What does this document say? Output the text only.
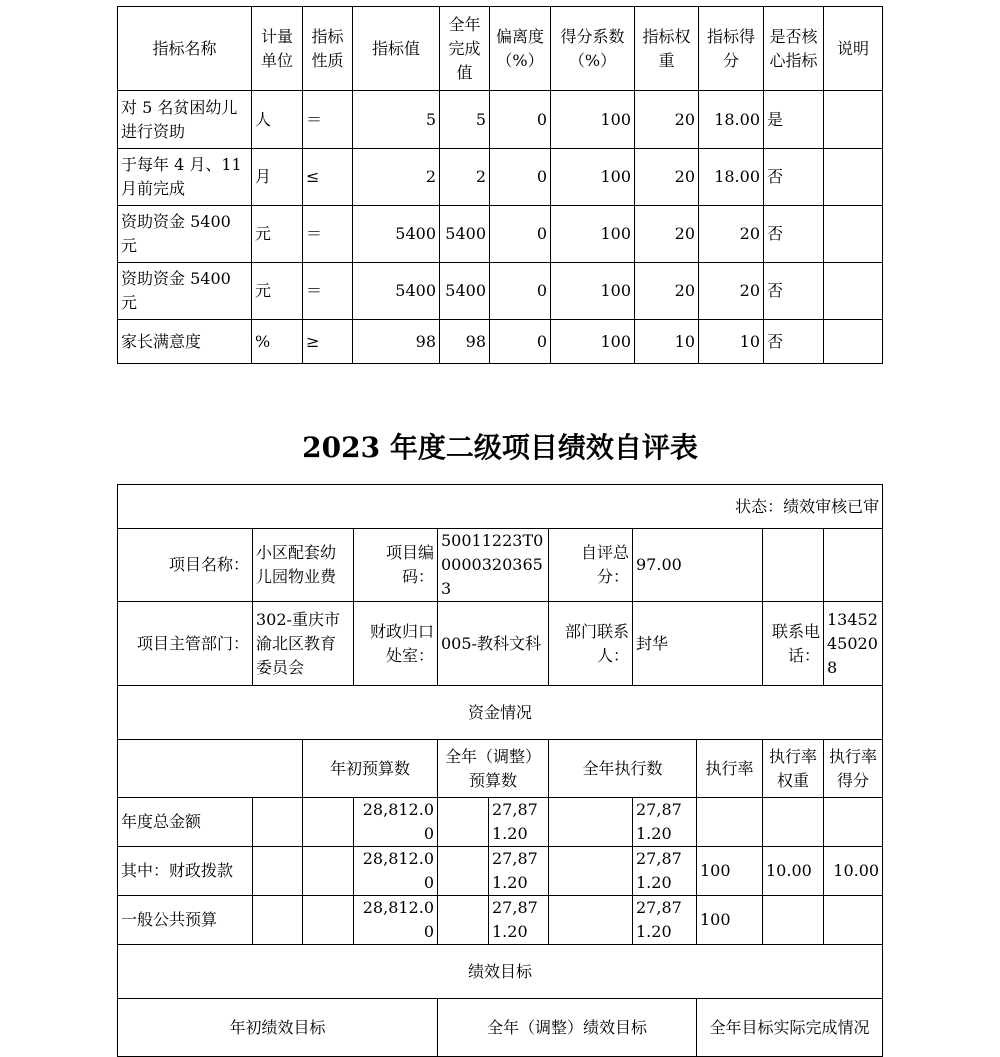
指标名称	计量单位	指标性质	指标值	全年完成值	偏离度（%）	得分系数（%）	指标权重	指标得分	是否核心指标	说明
对 5 名贫困幼儿进行资助	人	＝	5	5	0	100	20	18.00	是	
于每年 4 月、11 月前完成	月	≤	2	2	0	100	20	18.00	否	
资助资金 5400 元	元	＝	5400	5400	0	100	20	20	否	
资助资金 5400 元	元	＝	5400	5400	0	100	20	20	否	
家长满意度	%	≥	98	98	0	100	10	10	否	
2023 年度二级项目绩效自评表
状态：绩效审核已审										
项目名称：	小区配套幼儿园物业费		项目编码：	50011223T000003203653		自评总分：	97.00			
项目主管部门：	302-重庆市渝北区教育委员会		财政归口处室：	005-教科文科		部门联系人：	封华		联系电话：	13452450208
资金情况										
		年初预算数		全年（调整）预算数		全年执行数		执行率	执行率权重	执行率得分
年度总金额			28,812.00		27,871.20		27,871.20			
其中：财政拨款			28,812.00		27,871.20		27,871.20	100	10.00	10.00
一般公共预算			28,812.00		27,871.20		27,871.20	100		
绩效目标										
年初绩效目标				全年（调整）绩效目标				全年目标实际完成情况		
